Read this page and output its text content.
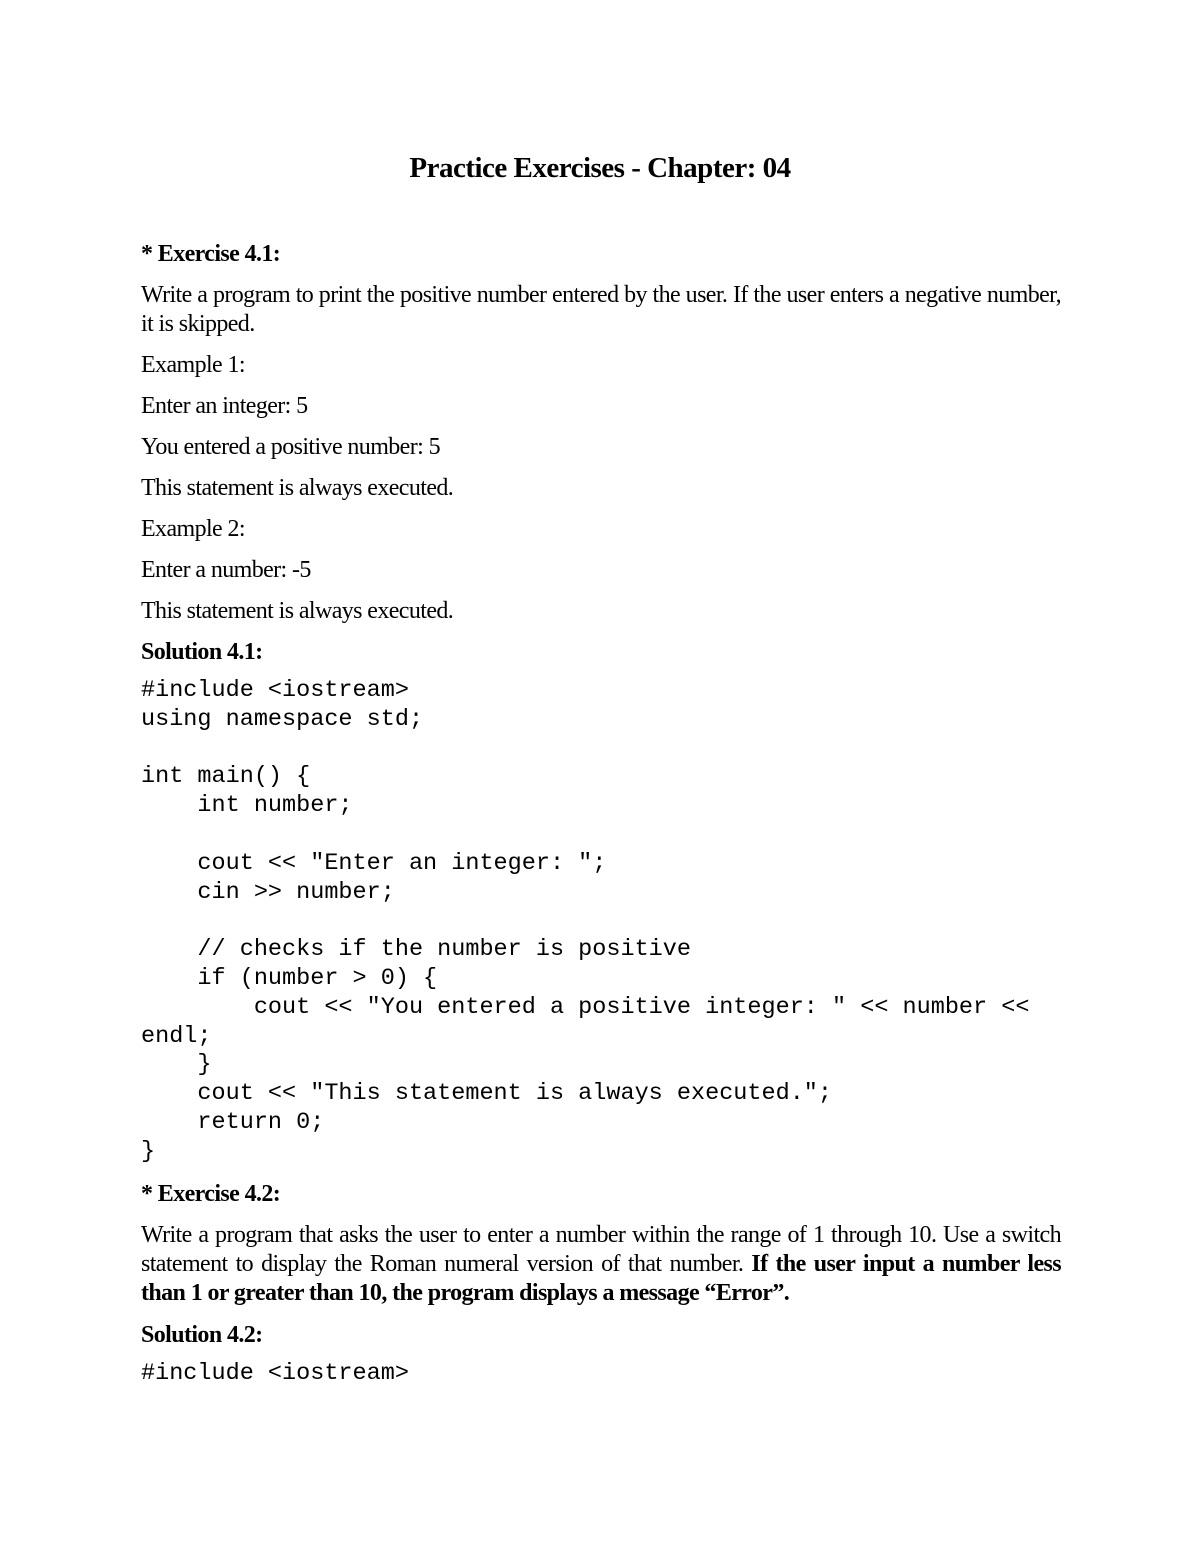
Practice Exercises - Chapter: 04
* Exercise 4.1:
Write a program to print the positive number entered by the user. If the user enters a negative number, it is skipped.
Example 1:
Enter an integer: 5
You entered a positive number: 5
This statement is always executed.
Example 2:
Enter a number: -5
This statement is always executed.
Solution 4.1:
#include <iostream>
using namespace std;

int main() {
int number;

cout << "Enter an integer: ";
cin >> number;

// checks if the number is positive
if (number > 0) {
cout << "You entered a positive integer: " << number <<
endl;
}
cout << "This statement is always executed.";
return 0;
}
* Exercise 4.2:
Write a program that asks the user to enter a number within the range of 1 through 10. Use a switch statement to display the Roman numeral version of that number. If the user input a number less than 1 or greater than 10, the program displays a message “Error”.
Solution 4.2:
#include <iostream>
